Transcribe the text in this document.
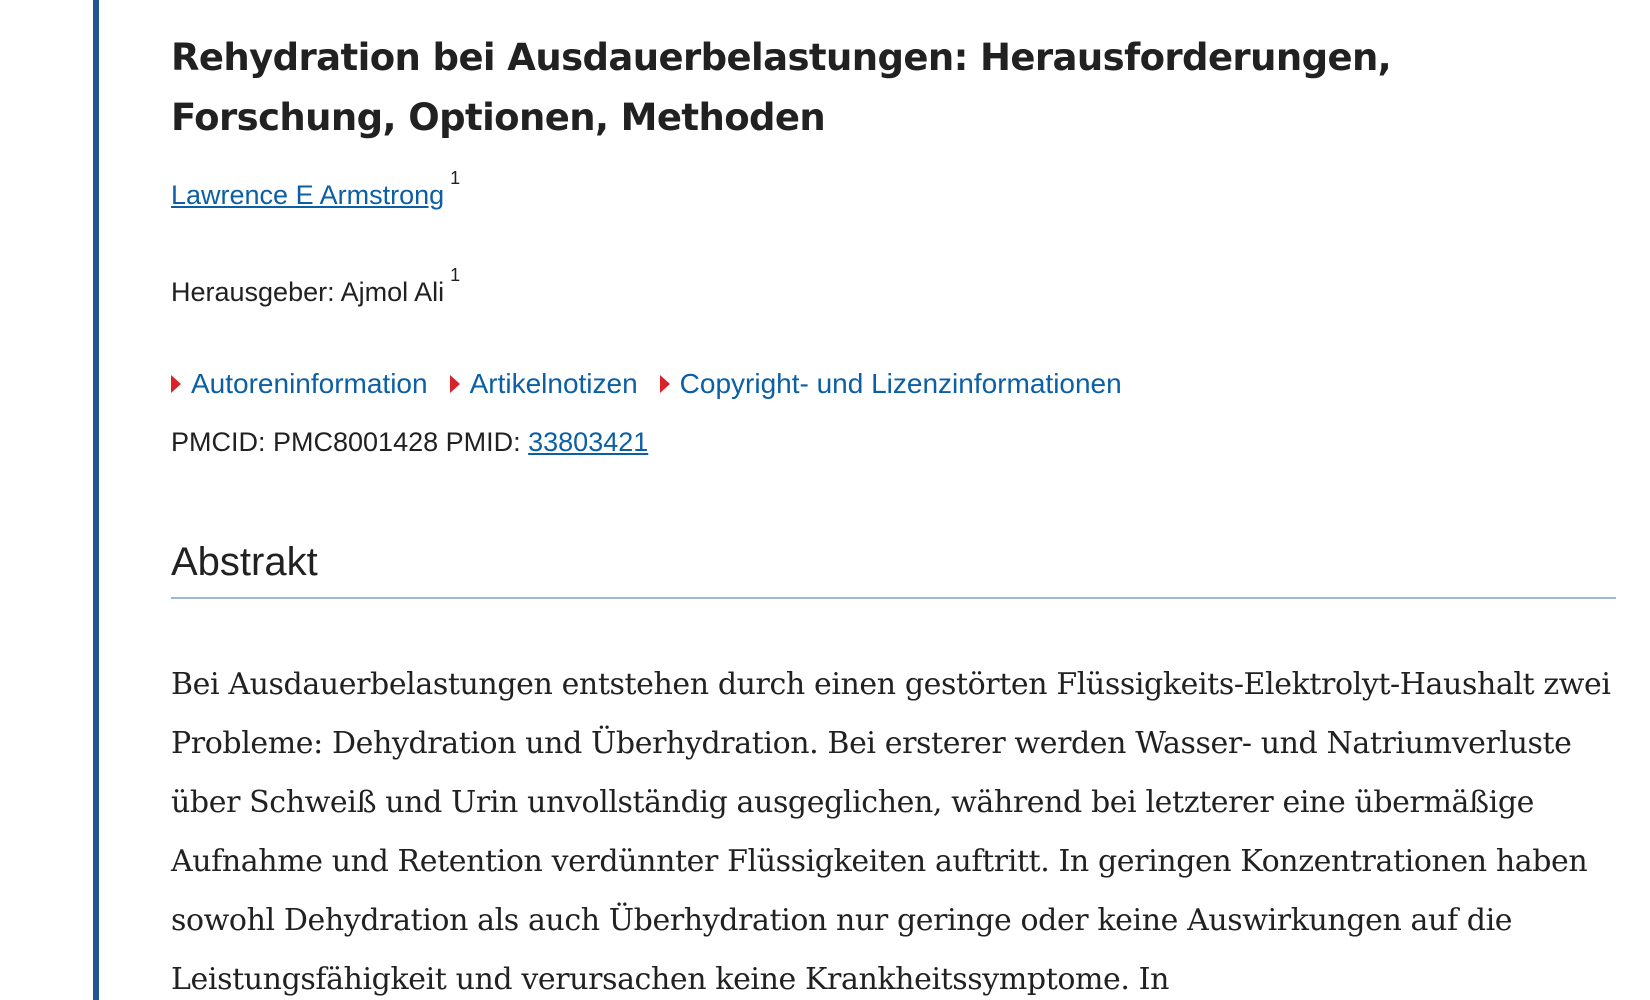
Rehydration bei Ausdauerbelastungen: Herausforderungen, Forschung, Optionen, Methoden
Lawrence E Armstrong$^1$
Herausgeber: Ajmol Ali$^1$
Autoreninformation Artikelnotizen Copyright- und Lizenzinformationen
PMCID: PMC8001428 PMID: 33803421
Abstrakt

Bei Ausdauerbelastungen entstehen durch einen gestörten Flüssigkeits-Elektrolyt-Haushalt zwei Probleme: Dehydration und Überhydration. Bei ersterer werden Wasser- und Natriumverluste über Schweiß und Urin unvollständig ausgeglichen, während bei letzterer eine übermäßige Aufnahme und Retention verdünnter Flüssigkeiten auftritt. In geringen Konzentrationen haben sowohl Dehydration als auch Überhydration nur geringe oder keine Auswirkungen auf die Leistungsfähigkeit und verursachen keine Krankheitssymptome. In
